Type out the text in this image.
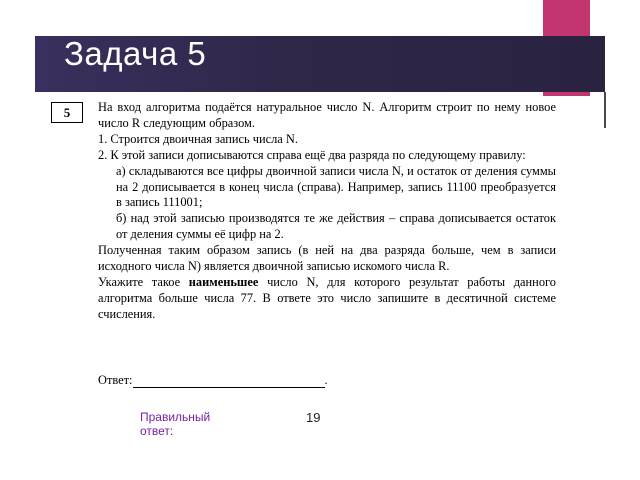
Задача 5
5	На вход алгоритма подаётся натуральное число N. Алгоритм строит по нему новое число R следующим образом.

1. Строится двоичная запись числа N.

2. К этой записи дописываются справа ещё два разряда по следующему правилу:

а) складываются все цифры двоичной записи числа N, и остаток от деления суммы на 2 дописывается в конец числа (справа). Например, запись 11100 преобразуется в запись 111001;

б) над этой записью производятся те же действия – справа дописывается остаток от деления суммы её цифр на 2.

Полученная таким образом запись (в ней на два разряда больше, чем в записи исходного числа N) является двоичной записью искомого числа R.

Укажите такое наименьшее число N, для которого результат работы данного алгоритма больше числа 77. В ответе это число запишите в десятичной системе счисления.

Ответ:	.
Правильный ответ:
19
